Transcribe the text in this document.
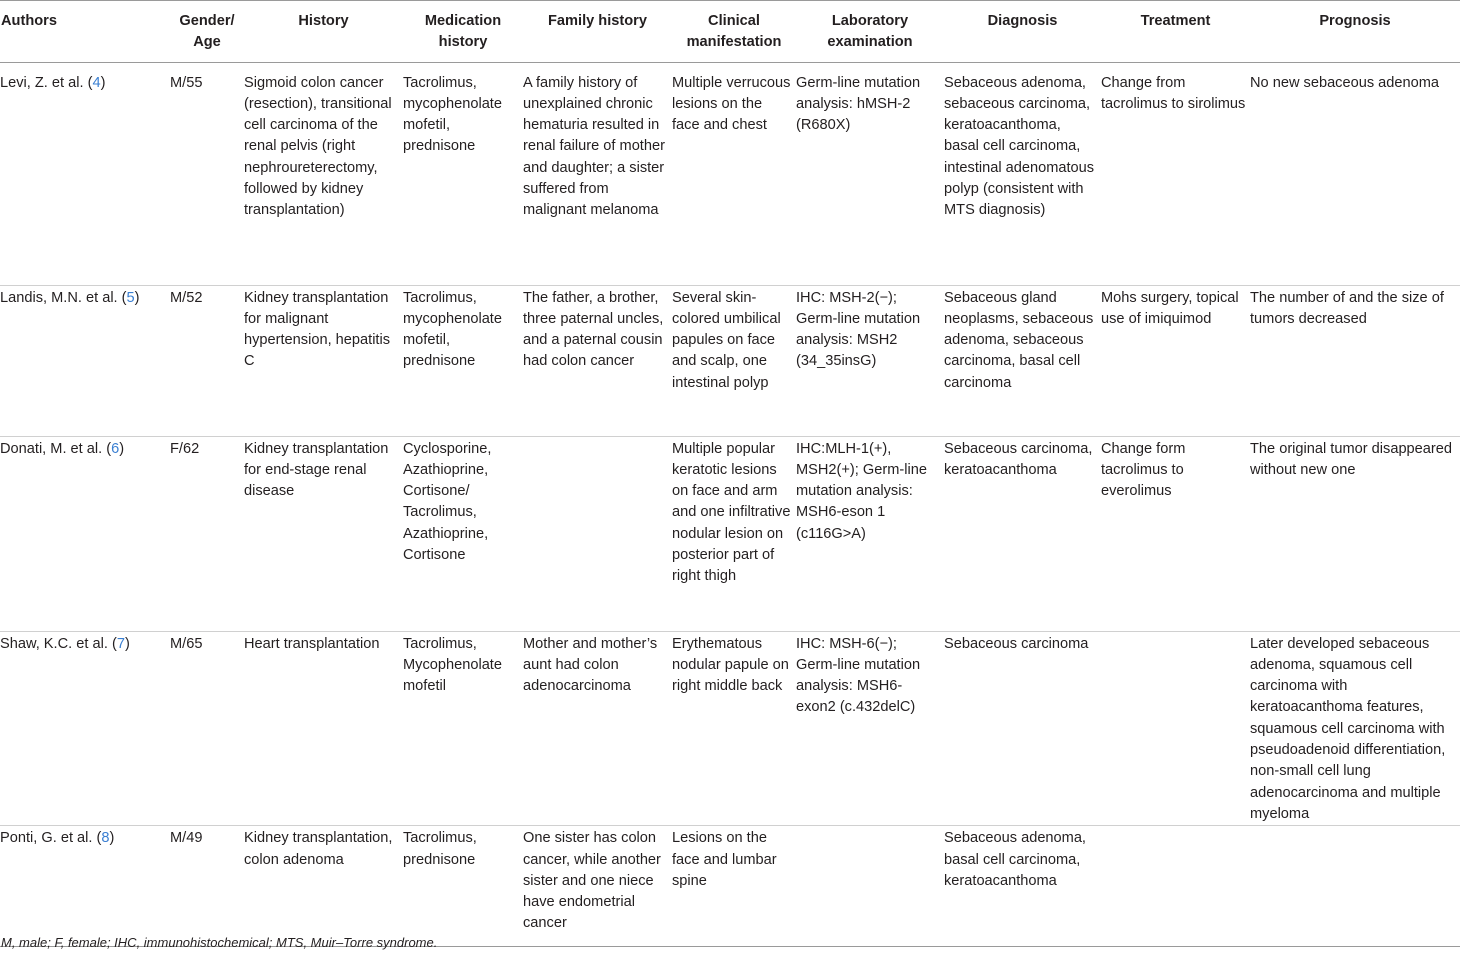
Authors	Gender/ Age	History	Medication history	Family history	Clinical manifestation	Laboratory examination	Diagnosis	Treatment	Prognosis
Levi, Z. et al. (4)	M/55	Sigmoid colon cancer (resection), transitional cell carcinoma of the renal pelvis (right nephroureterectomy, followed by kidney transplantation)	Tacrolimus, mycophenolate mofetil, prednisone	A family history of unexplained chronic hematuria resulted in renal failure of mother and daughter; a sister suffered from malignant melanoma	Multiple verrucous lesions on the face and chest	Germ-line mutation analysis: hMSH-2 (R680X)	Sebaceous adenoma, sebaceous carcinoma, keratoacanthoma, basal cell carcinoma, intestinal adenomatous polyp (consistent with MTS diagnosis)	Change from tacrolimus to sirolimus	No new sebaceous adenoma
Landis, M.N. et al. (5)	M/52	Kidney transplantation for malignant hypertension, hepatitis C	Tacrolimus, mycophenolate mofetil, prednisone	The father, a brother, three paternal uncles, and a paternal cousin had colon cancer	Several skin-colored umbilical papules on face and scalp, one intestinal polyp	IHC: MSH-2(−); Germ-line mutation analysis: MSH2 (34_35insG)	Sebaceous gland neoplasms, sebaceous adenoma, sebaceous carcinoma, basal cell carcinoma	Mohs surgery, topical use of imiquimod	The number of and the size of tumors decreased
Donati, M. et al. (6)	F/62	Kidney transplantation for end-stage renal disease	Cyclosporine, Azathioprine, Cortisone/ Tacrolimus, Azathioprine, Cortisone		Multiple popular keratotic lesions on face and arm and one infiltrative nodular lesion on posterior part of right thigh	IHC:MLH-1(+), MSH2(+); Germ-line mutation analysis: MSH6-eson 1 (c116G>A)	Sebaceous carcinoma, keratoacanthoma	Change form tacrolimus to everolimus	The original tumor disappeared without new one
Shaw, K.C. et al. (7)	M/65	Heart transplantation	Tacrolimus, Mycophenolate mofetil	Mother and mother’s aunt had colon adenocarcinoma	Erythematous nodular papule on right middle back	IHC: MSH-6(−); Germ-line mutation analysis: MSH6-exon2 (c.432delC)	Sebaceous carcinoma		Later developed sebaceous adenoma, squamous cell carcinoma with keratoacanthoma features, squamous cell carcinoma with pseudoadenoid differentiation, non-small cell lung adenocarcinoma and multiple myeloma
Ponti, G. et al. (8)	M/49	Kidney transplantation, colon adenoma	Tacrolimus, prednisone	One sister has colon cancer, while another sister and one niece have endometrial cancer	Lesions on the face and lumbar spine		Sebaceous adenoma, basal cell carcinoma, keratoacanthoma		
M, male; F, female; IHC, immunohistochemical; MTS, Muir–Torre syndrome.
